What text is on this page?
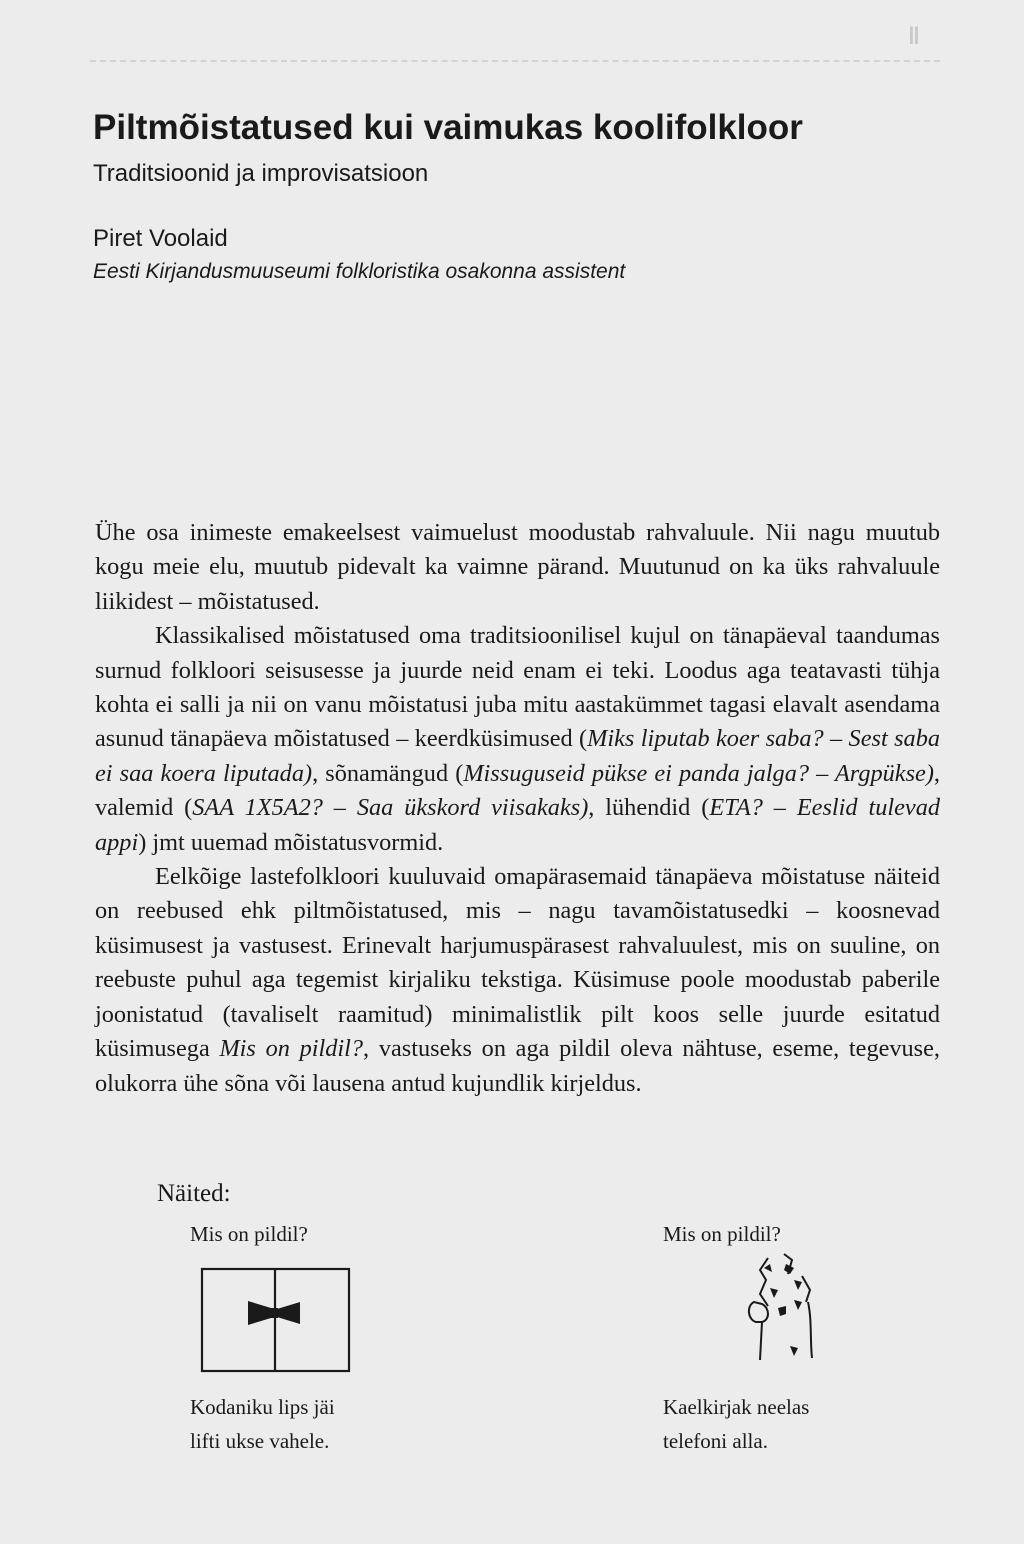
ǁ
Piltmõistatused kui vaimukas koolifolkloor
Traditsioonid ja improvisatsioon
Piret Voolaid
Eesti Kirjandusmuuseumi folkloristika osakonna assistent

Ühe osa inimeste emakeelsest vaimuelust moodustab rahvaluule. Nii nagu muutub kogu meie elu, muutub pidevalt ka vaimne pärand. Muutunud on ka üks rahvaluule liikidest – mõistatused.

Klassikalised mõistatused oma traditsioonilisel kujul on tänapäeval taandumas surnud folkloori seisusesse ja juurde neid enam ei teki. Loodus aga teatavasti tühja kohta ei salli ja nii on vanu mõistatusi juba mitu aastakümmet tagasi elavalt asendama asunud tänapäeva mõistatused – keerdküsimused (Miks liputab koer saba? – Sest saba ei saa koera liputada), sõnamängud (Missuguseid pükse ei panda jalga? – Argpükse), valemid (SAA 1X5A2? – Saa ükskord viisakaks), lühendid (ETA? – Eeslid tulevad appi) jmt uuemad mõistatusvormid.

Eelkõige lastefolkloori kuuluvaid omapärasemaid tänapäeva mõistatuse näiteid on reebused ehk piltmõistatused, mis – nagu tavamõistatusedki – koosnevad küsimusest ja vastusest. Erinevalt harjumuspärasest rahvaluulest, mis on suuline, on reebuste puhul aga tegemist kirjaliku tekstiga. Küsimuse poole moodustab paberile joonistatud (tavaliselt raamitud) minimalistlik pilt koos selle juurde esitatud küsimusega Mis on pildil?, vastuseks on aga pildil oleva nähtuse, eseme, tegevuse, olukorra ühe sõna või lausena antud kujundlik kirjeldus.

Näited:
Mis on pildil?
Kodaniku lips jäi
lifti ukse vahele.
Mis on pildil?
Kaelkirjak neelas
telefoni alla.
